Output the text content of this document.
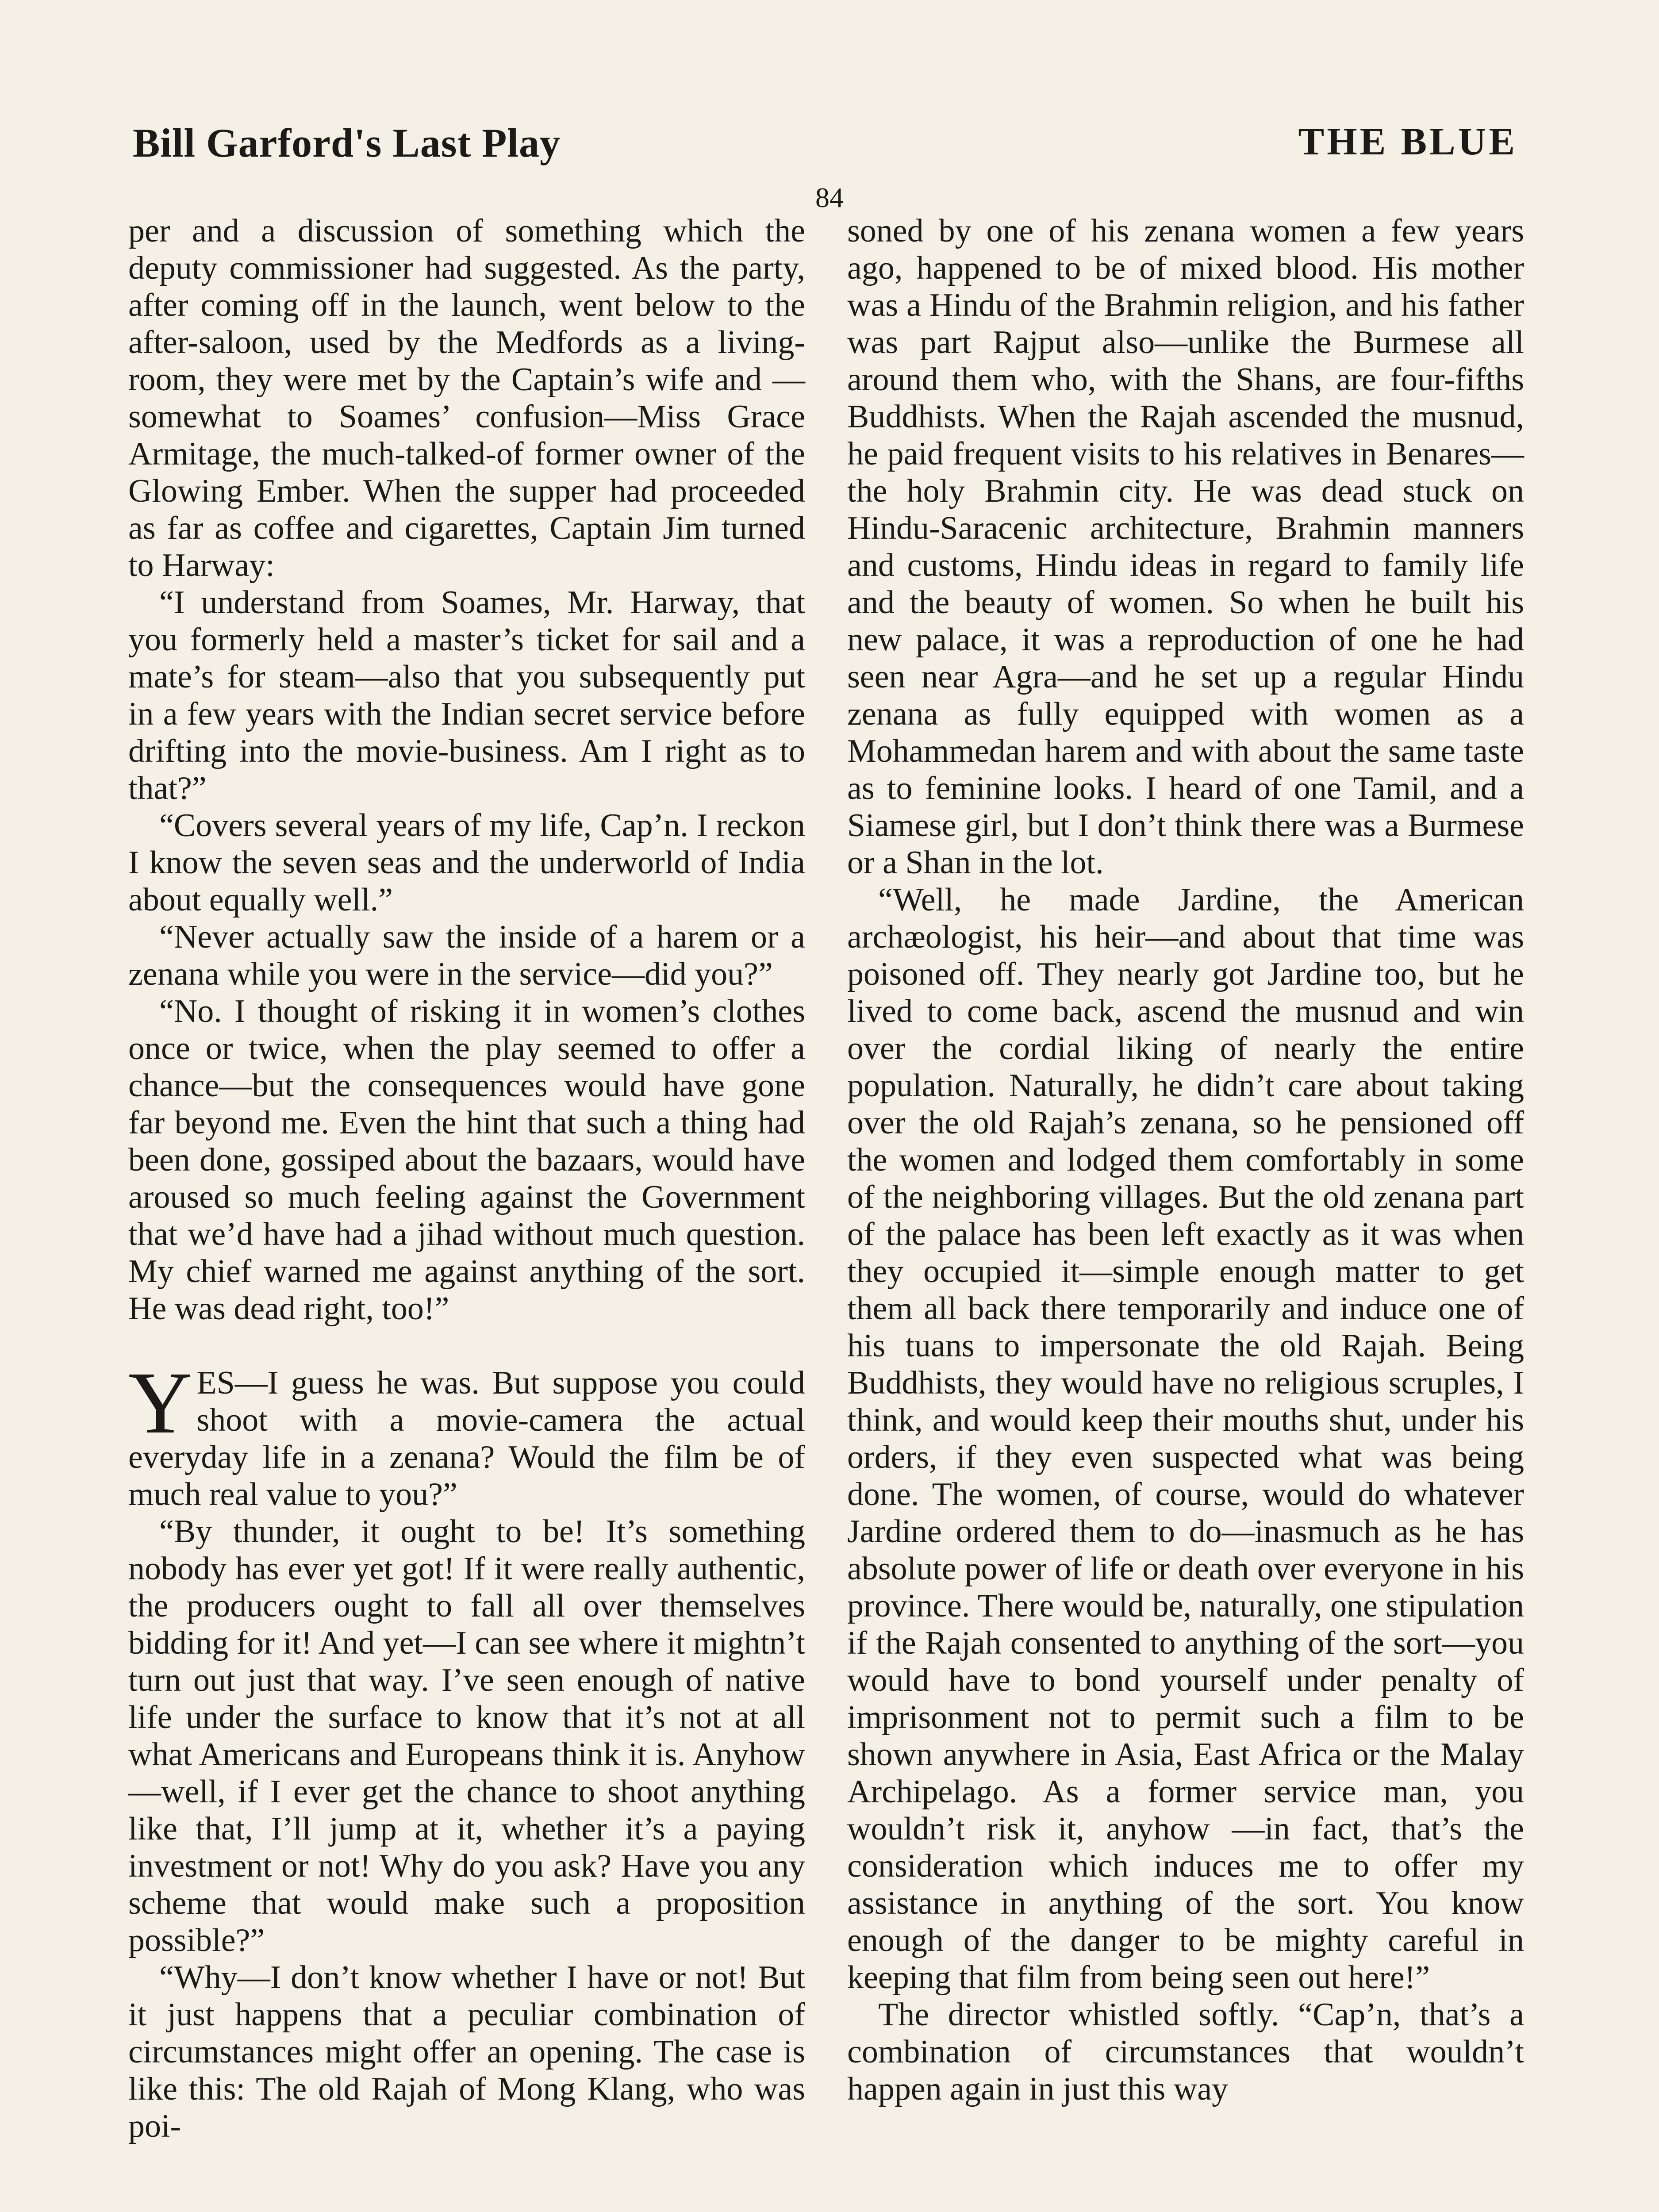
Bill Garford's Last Play	THE BLUE
84

per and a discussion of something which the deputy commissioner had suggested. As the party, after coming off in the launch, went below to the after-saloon, used by the Medfords as a living-room, they were met by the Captain’s wife and —somewhat to Soames’ confusion—Miss Grace Armitage, the much-talked-of former owner of the Glowing Ember. When the supper had proceeded as far as coffee and cigarettes, Captain Jim turned to Harway:

“I understand from Soames, Mr. Harway, that you formerly held a master’s ticket for sail and a mate’s for steam—also that you subsequently put in a few years with the Indian secret service before drifting into the movie-business. Am I right as to that?”

“Covers several years of my life, Cap’n. I reckon I know the seven seas and the underworld of India about equally well.”

“Never actually saw the inside of a harem or a zenana while you were in the service—did you?”

“No. I thought of risking it in women’s clothes once or twice, when the play seemed to offer a chance—but the consequences would have gone far beyond me. Even the hint that such a thing had been done, gossiped about the bazaars, would have aroused so much feeling against the Government that we’d have had a jihad without much question. My chief warned me against anything of the sort. He was dead right, too!”

YES—I guess he was. But suppose you could shoot with a movie-camera the actual everyday life in a zenana? Would the film be of much real value to you?”

“By thunder, it ought to be! It’s something nobody has ever yet got! If it were really authentic, the producers ought to fall all over themselves bidding for it! And yet—I can see where it mightn’t turn out just that way. I’ve seen enough of native life under the surface to know that it’s not at all what Americans and Europeans think it is. Anyhow—well, if I ever get the chance to shoot anything like that, I’ll jump at it, whether it’s a paying investment or not! Why do you ask? Have you any scheme that would make such a proposition possible?”

“Why—I don’t know whether I have or not! But it just happens that a peculiar combination of circumstances might offer an opening. The case is like this: The old Rajah of Mong Klang, who was poi-

soned by one of his zenana women a few years ago, happened to be of mixed blood. His mother was a Hindu of the Brahmin religion, and his father was part Rajput also—unlike the Burmese all around them who, with the Shans, are four-fifths Buddhists. When the Rajah ascended the musnud, he paid frequent visits to his relatives in Benares—the holy Brahmin city. He was dead stuck on Hindu-Saracenic architecture, Brahmin manners and customs, Hindu ideas in regard to family life and the beauty of women. So when he built his new palace, it was a reproduction of one he had seen near Agra—and he set up a regular Hindu zenana as fully equipped with women as a Mohammedan harem and with about the same taste as to feminine looks. I heard of one Tamil, and a Siamese girl, but I don’t think there was a Burmese or a Shan in the lot.

“Well, he made Jardine, the American archæologist, his heir—and about that time was poisoned off. They nearly got Jardine too, but he lived to come back, ascend the musnud and win over the cordial liking of nearly the entire population. Naturally, he didn’t care about taking over the old Rajah’s zenana, so he pensioned off the women and lodged them comfortably in some of the neighboring villages. But the old zenana part of the palace has been left exactly as it was when they occupied it—simple enough matter to get them all back there temporarily and induce one of his tuans to impersonate the old Rajah. Being Buddhists, they would have no religious scruples, I think, and would keep their mouths shut, under his orders, if they even suspected what was being done. The women, of course, would do whatever Jardine ordered them to do—inasmuch as he has absolute power of life or death over everyone in his province. There would be, naturally, one stipulation if the Rajah consented to anything of the sort—you would have to bond yourself under penalty of imprisonment not to permit such a film to be shown anywhere in Asia, East Africa or the Malay Archipelago. As a former service man, you wouldn’t risk it, anyhow —in fact, that’s the consideration which induces me to offer my assistance in anything of the sort. You know enough of the danger to be mighty careful in keeping that film from being seen out here!”

The director whistled softly. “Cap’n, that’s a combination of circumstances that wouldn’t happen again in just this way
